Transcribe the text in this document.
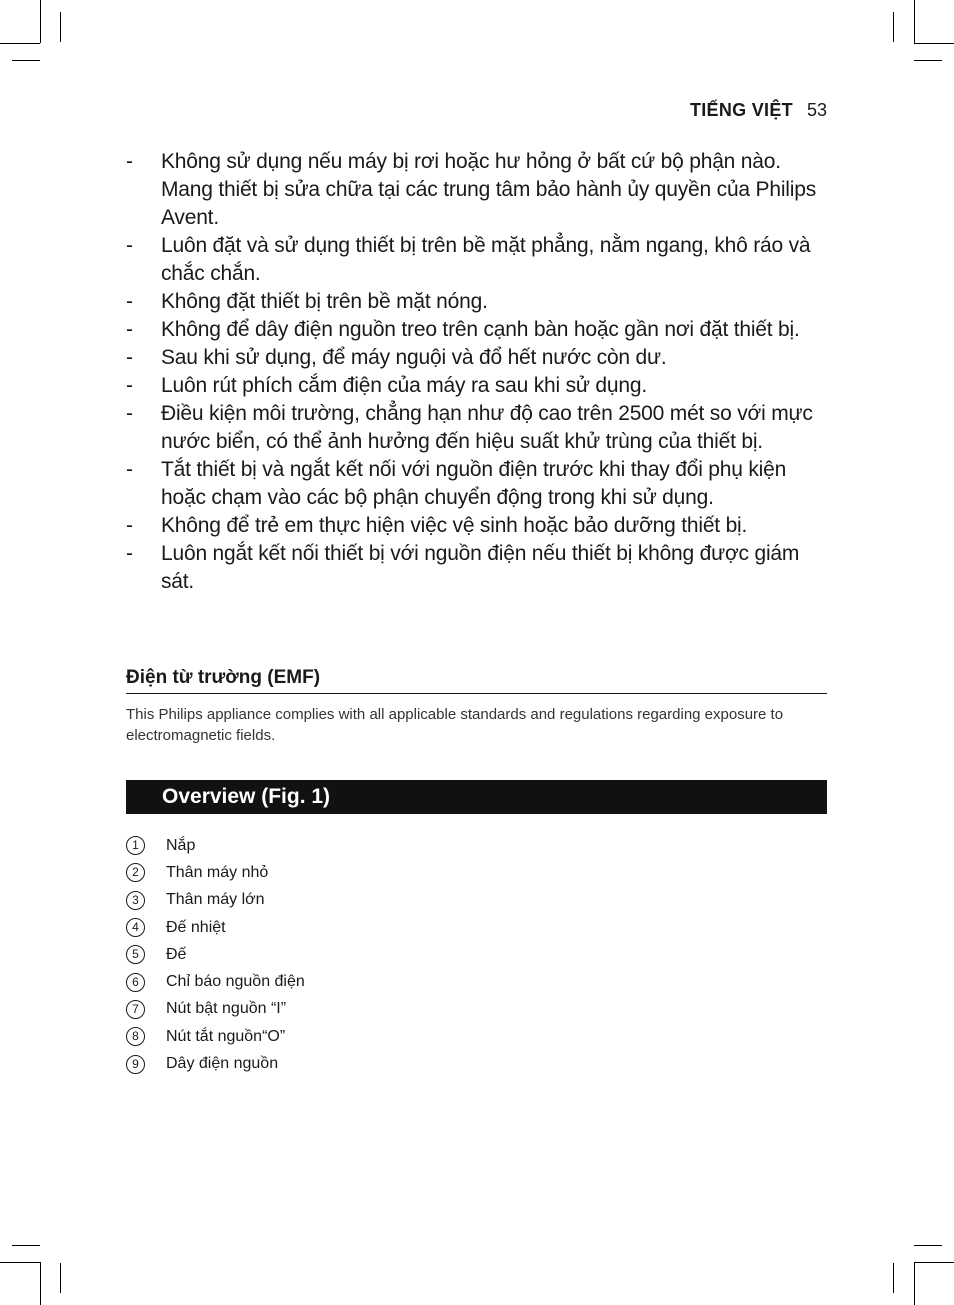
TIẾNG VIỆT 53
- Không sử dụng nếu máy bị rơi hoặc hư hỏng ở bất cứ bộ phận nào. Mang thiết bị sửa chữa tại các trung tâm bảo hành ủy quyền của Philips Avent.
- Luôn đặt và sử dụng thiết bị trên bề mặt phẳng, nằm ngang, khô ráo và chắc chắn.
- Không đặt thiết bị trên bề mặt nóng.
- Không để dây điện nguồn treo trên cạnh bàn hoặc gần nơi đặt thiết bị.
- Sau khi sử dụng, để máy nguội và đổ hết nước còn dư.
- Luôn rút phích cắm điện của máy ra sau khi sử dụng.
- Điều kiện môi trường, chẳng hạn như độ cao trên 2500 mét so với mực nước biển, có thể ảnh hưởng đến hiệu suất khử trùng của thiết bị.
- Tắt thiết bị và ngắt kết nối với nguồn điện trước khi thay đổi phụ kiện hoặc chạm vào các bộ phận chuyển động trong khi sử dụng.
- Không để trẻ em thực hiện việc vệ sinh hoặc bảo dưỡng thiết bị.
- Luôn ngắt kết nối thiết bị với nguồn điện nếu thiết bị không được giám sát.
Điện từ trường (EMF)
This Philips appliance complies with all applicable standards and regulations regarding exposure to electromagnetic fields.
Overview (Fig. 1)
1	Nắp
2	Thân máy nhỏ
3	Thân máy lớn
4	Đế nhiệt
5	Đế
6	Chỉ báo nguồn điện
7	Nút bật nguồn “I”
8	Nút tắt nguồn“O”
9	Dây điện nguồn
